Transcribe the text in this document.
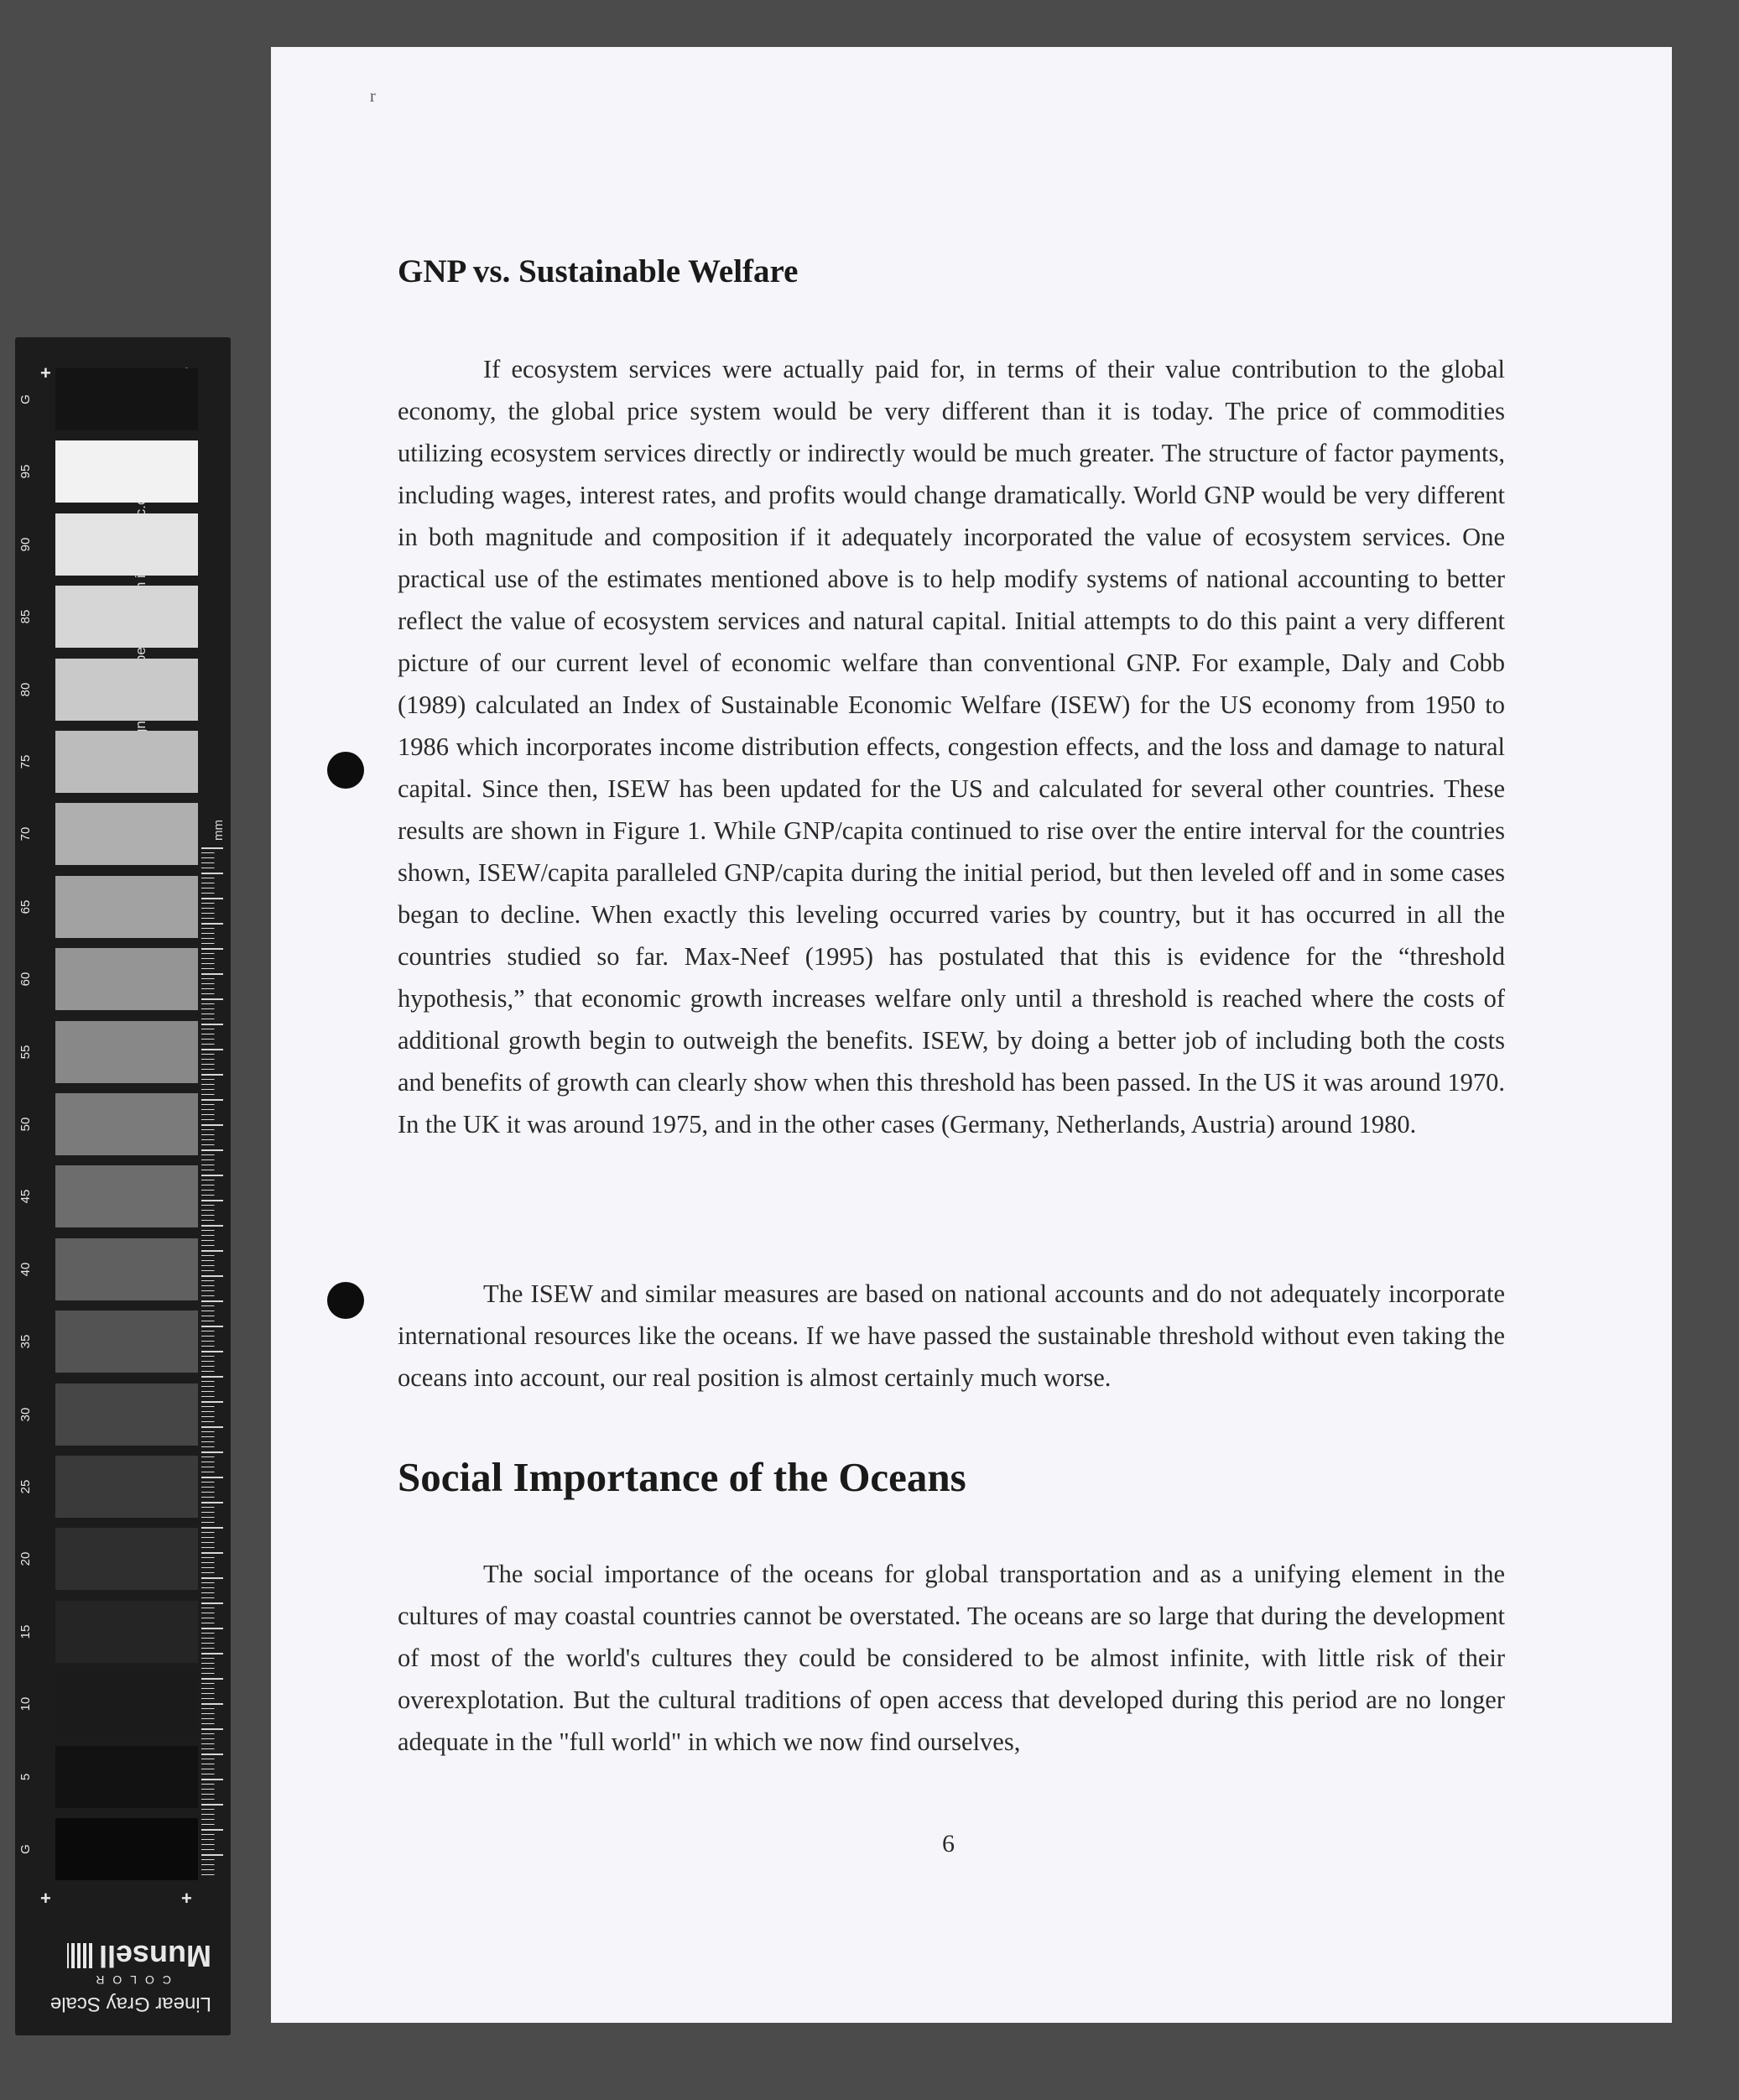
+
+	+
mm
Linear Gray Scale
COLOR
Munsell
G
95
90
85
80
75
70
65
60
55
50
45
40
35
30
25
20
15
10
5
G
r
GNP vs. Sustainable Welfare

If ecosystem services were actually paid for, in terms of their value contribution to the global economy, the global price system would be very different than it is today. The price of commodities utilizing ecosystem services directly or indirectly would be much greater. The structure of factor payments, including wages, interest rates, and profits would change dramatically. World GNP would be very different in both magnitude and composition if it adequately incorporated the value of ecosystem services. One practical use of the estimates mentioned above is to help modify systems of national accounting to better reflect the value of ecosystem services and natural capital. Initial attempts to do this paint a very different picture of our current level of economic welfare than conventional GNP. For example, Daly and Cobb (1989) calculated an Index of Sustainable Economic Welfare (ISEW) for the US economy from 1950 to 1986 which incorporates income distribution effects, congestion effects, and the loss and damage to natural capital. Since then, ISEW has been updated for the US and calculated for several other countries. These results are shown in Figure 1. While GNP/capita continued to rise over the entire interval for the countries shown, ISEW/capita paralleled GNP/capita during the initial period, but then leveled off and in some cases began to decline. When exactly this leveling occurred varies by country, but it has occurred in all the countries studied so far. Max-Neef (1995) has postulated that this is evidence for the “threshold hypothesis,” that economic growth increases welfare only until a threshold is reached where the costs of additional growth begin to outweigh the benefits. ISEW, by doing a better job of including both the costs and benefits of growth can clearly show when this threshold has been passed. In the US it was around 1970. In the UK it was around 1975, and in the other cases (Germany, Netherlands, Austria) around 1980.

The ISEW and similar measures are based on national accounts and do not adequately incorporate international resources like the oceans. If we have passed the sustainable threshold without even taking the oceans into account, our real position is almost certainly much worse.

Social Importance of the Oceans

The social importance of the oceans for global transportation and as a unifying element in the cultures of may coastal countries cannot be overstated. The oceans are so large that during the development of most of the world's cultures they could be considered to be almost infinite, with little risk of their overexplotation. But the cultural traditions of open access that developed during this period are no longer adequate in the "full world" in which we now find ourselves,

6
